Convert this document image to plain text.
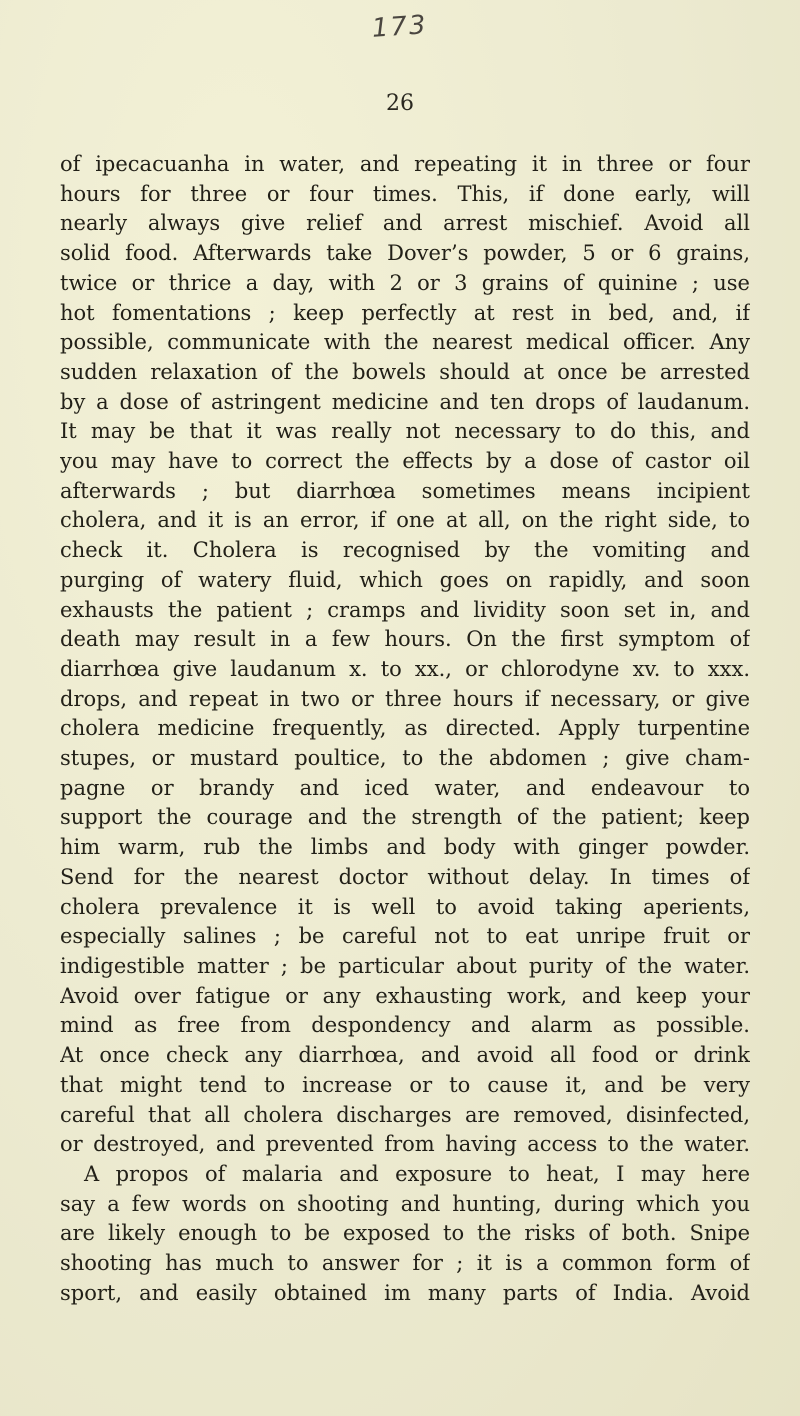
173
26

of ipecacuanha in water, and repeating it in three or four
hours for three or four times. This, if done early, will
nearly always give relief and arrest mischief. Avoid all
solid food. Afterwards take Dover’s powder, 5 or 6 grains,
twice or thrice a day, with 2 or 3 grains of quinine ; use
hot fomentations ; keep perfectly at rest in bed, and, if
possible, communicate with the nearest medical officer. Any
sudden relaxation of the bowels should at once be arrested
by a dose of astringent medicine and ten drops of laudanum.
It may be that it was really not necessary to do this, and
you may have to correct the effects by a dose of castor oil
afterwards ; but diarrhœa sometimes means incipient
cholera, and it is an error, if one at all, on the right side, to
check it. Cholera is recognised by the vomiting and
purging of watery fluid, which goes on rapidly, and soon
exhausts the patient ; cramps and lividity soon set in, and
death may result in a few hours. On the first symptom of
diarrhœa give laudanum x. to xx., or chlorodyne xv. to xxx.
drops, and repeat in two or three hours if necessary, or give
cholera medicine frequently, as directed. Apply turpentine
stupes, or mustard poultice, to the abdomen ; give cham-
pagne or brandy and iced water, and endeavour to
support the courage and the strength of the patient; keep
him warm, rub the limbs and body with ginger powder.
Send for the nearest doctor without delay. In times of
cholera prevalence it is well to avoid taking aperients,
especially salines ; be careful not to eat unripe fruit or
indigestible matter ; be particular about purity of the water.
Avoid over fatigue or any exhausting work, and keep your
mind as free from despondency and alarm as possible.
At once check any diarrhœa, and avoid all food or drink
that might tend to increase or to cause it, and be very
careful that all cholera discharges are removed, disinfected,
or destroyed, and prevented from having access to the water.
A propos of malaria and exposure to heat, I may here
say a few words on shooting and hunting, during which you
are likely enough to be exposed to the risks of both. Snipe
shooting has much to answer for ; it is a common form of
sport, and easily obtained im many parts of India. Avoid
